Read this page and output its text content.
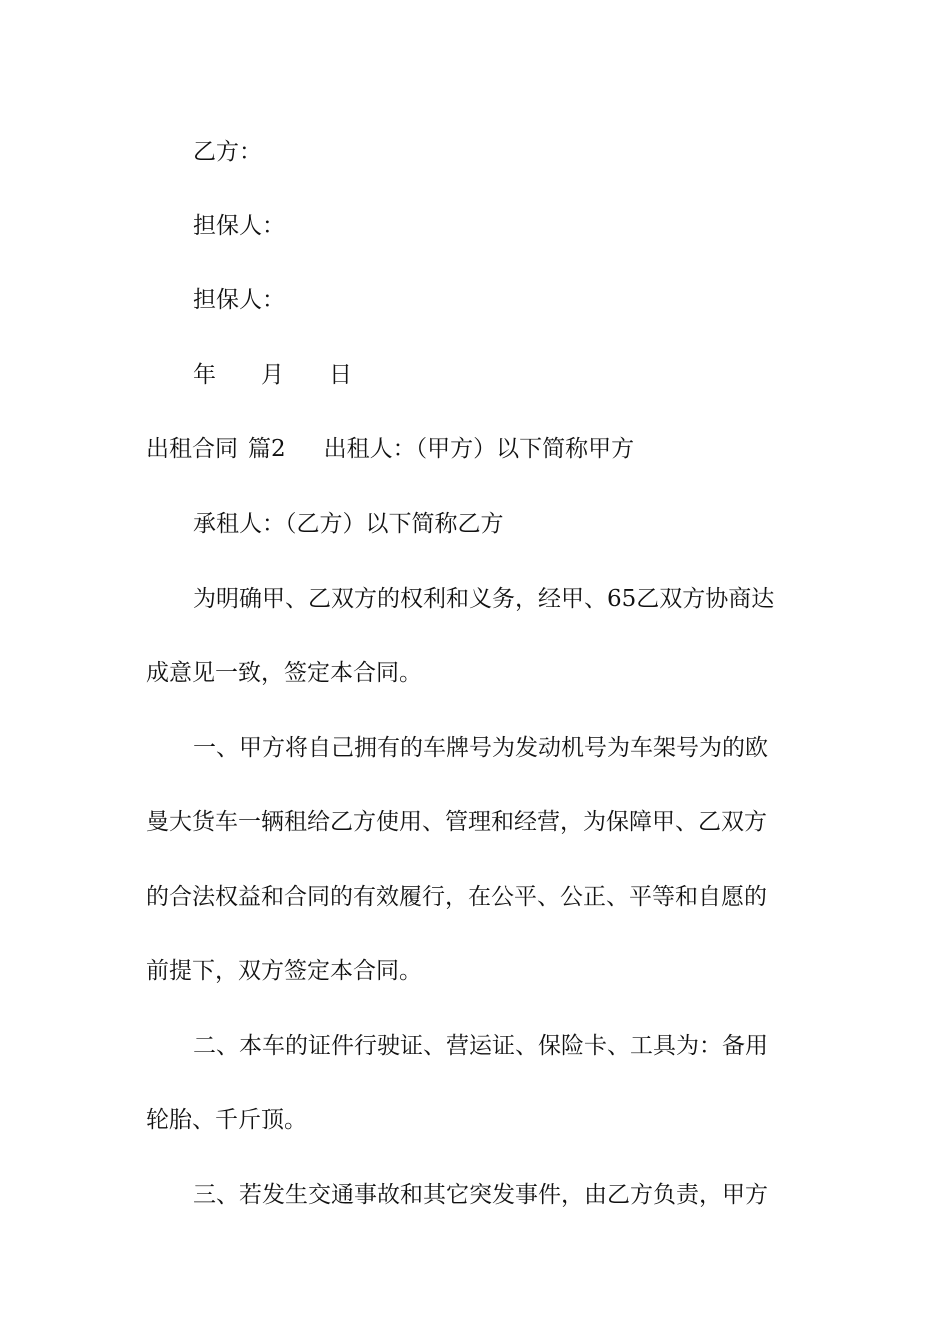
乙方：
担保人：
担保人：
年 月 日
出租合同 篇2 出租人：（甲方）以下简称甲方
承租人：（乙方）以下简称乙方
为明确甲、乙双方的权利和义务，经甲、65乙双方协商达
成意见一致，签定本合同。
一、甲方将自己拥有的车牌号为发动机号为车架号为的欧
曼大货车一辆租给乙方使用、管理和经营，为保障甲、乙双方
的合法权益和合同的有效履行，在公平、公正、平等和自愿的
前提下，双方签定本合同。
二、本车的证件行驶证、营运证、保险卡、工具为：备用
轮胎、千斤顶。
三、若发生交通事故和其它突发事件，由乙方负责，甲方
